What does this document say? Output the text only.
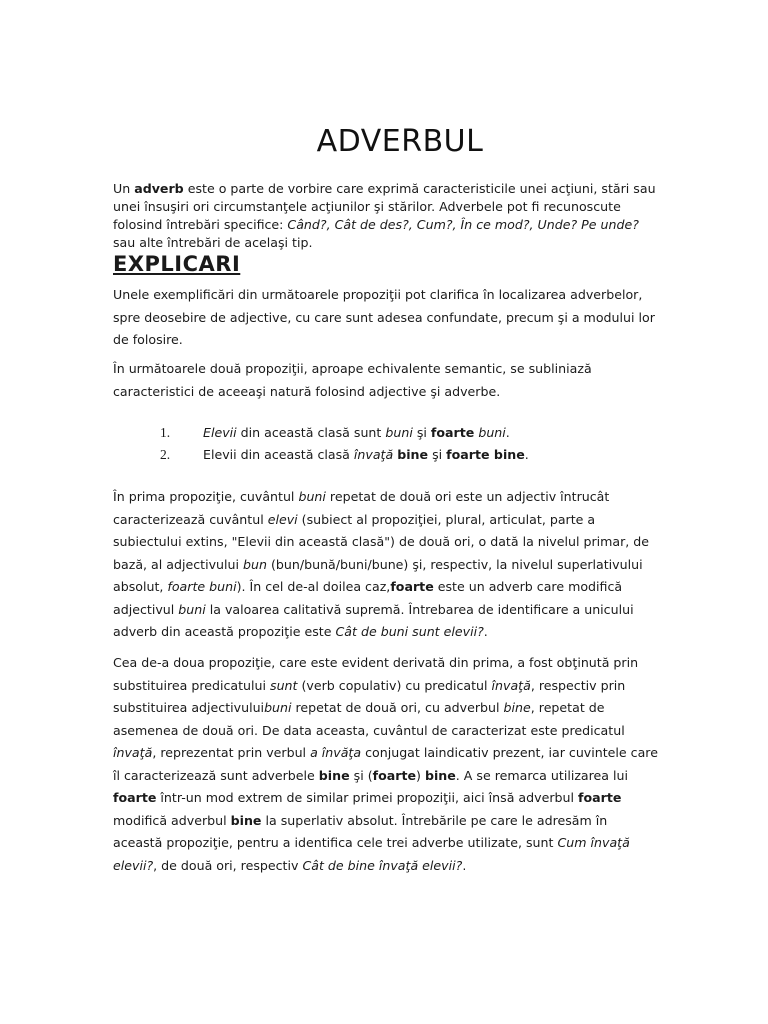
ADVERBUL

Un adverb este o parte de vorbire care exprimă caracteristicile unei acţiuni, stări sau unei însuşiri ori circumstanţele acţiunilor şi stărilor. Adverbele pot fi recunoscute folosind întrebări specifice: Când?, Cât de des?, Cum?, În ce mod?, Unde? Pe unde? sau alte întrebări de acelaşi tip.

EXPLICARI

Unele exemplificări din următoarele propoziţii pot clarifica în localizarea adverbelor, spre deosebire de adjective, cu care sunt adesea confundate, precum şi a modului lor de folosire.

În următoarele două propoziţii, aproape echivalente semantic, se subliniază caracteristici de aceeaşi natură folosind adjective şi adverbe.

1.	Elevii din această clasă sunt buni şi foarte buni.
2.	Elevii din această clasă învaţă bine şi foarte bine.

În prima propoziţie, cuvântul buni repetat de două ori este un adjectiv întrucât caracterizează cuvântul elevi (subiect al propoziţiei, plural, articulat, parte a subiectului extins, "Elevii din această clasă") de două ori, o dată la nivelul primar, de bază, al adjectivului bun (bun/bună/buni/bune) şi, respectiv, la nivelul superlativului absolut, foarte buni). În cel de-al doilea caz,foarte este un adverb care modifică adjectivul buni la valoarea calitativă supremă. Întrebarea de identificare a unicului adverb din această propoziţie este Cât de buni sunt elevii?.

Cea de-a doua propoziţie, care este evident derivată din prima, a fost obţinută prin substituirea predicatului sunt (verb copulativ) cu predicatul învaţă, respectiv prin substituirea adjectivuluibuni repetat de două ori, cu adverbul bine, repetat de asemenea de două ori. De data aceasta, cuvântul de caracterizat este predicatul învaţă, reprezentat prin verbul a învăţa conjugat laindicativ prezent, iar cuvintele care îl caracterizează sunt adverbele bine şi (foarte) bine. A se remarca utilizarea lui foarte într-un mod extrem de similar primei propoziţii, aici însă adverbul foarte modifică adverbul bine la superlativ absolut. Întrebările pe care le adresăm în această propoziţie, pentru a identifica cele trei adverbe utilizate, sunt Cum învaţă elevii?, de două ori, respectiv Cât de bine învaţă elevii?.
